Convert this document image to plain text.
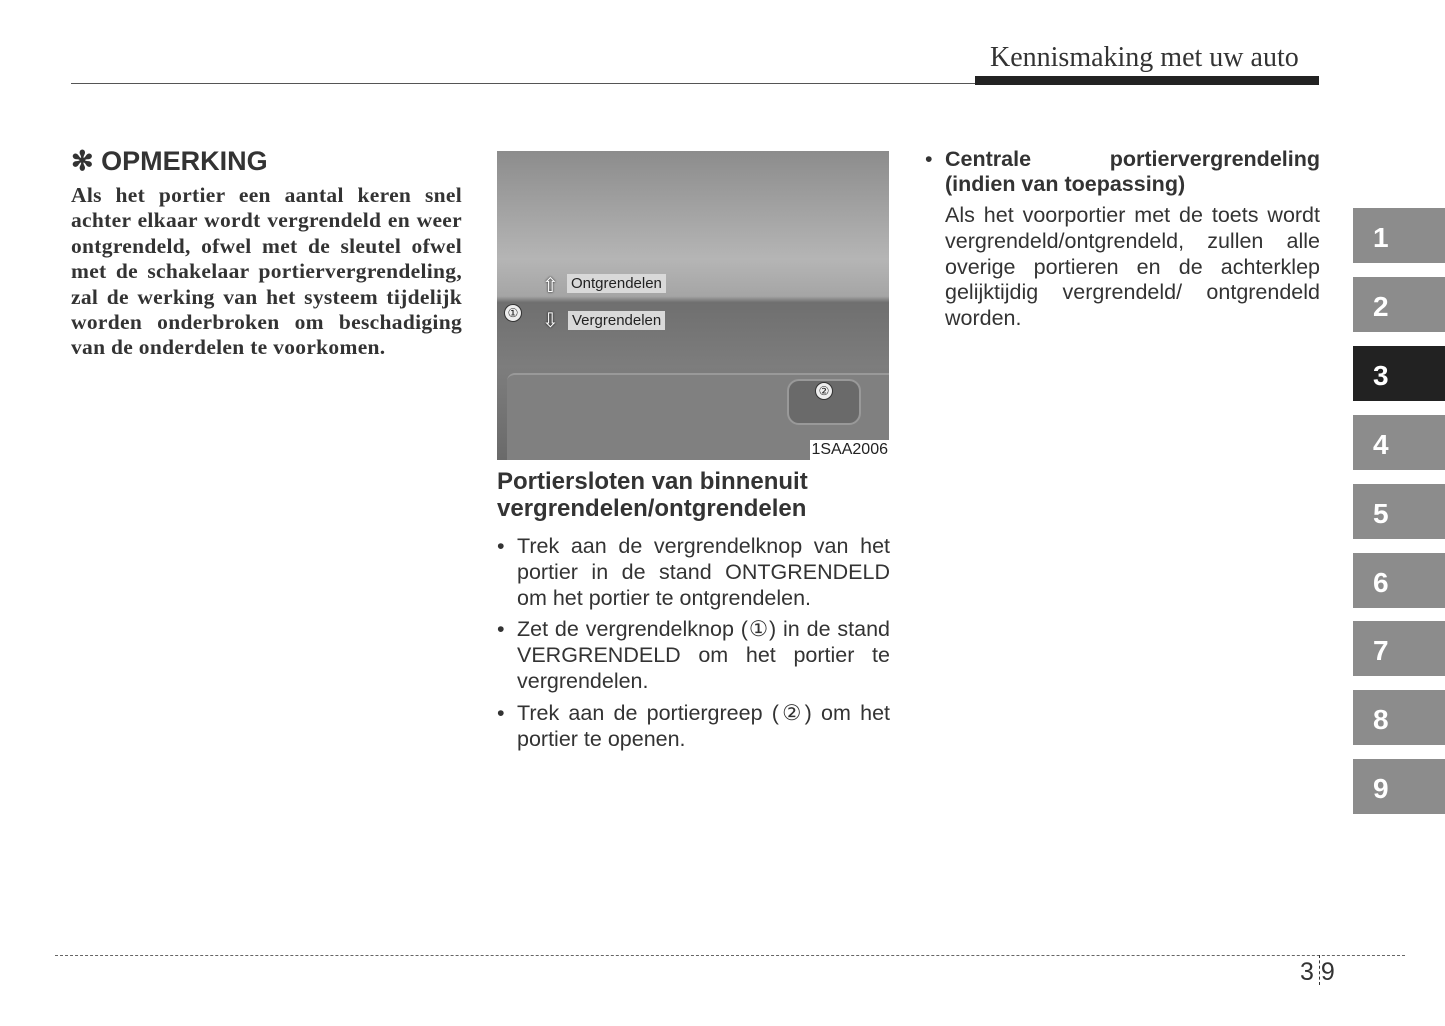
Kennismaking met uw auto
✻ OPMERKING
Als het portier een aantal keren snel achter elkaar wordt vergrendeld en weer ontgrendeld, ofwel met de sleutel ofwel met de schakelaar portiervergrendeling, zal de werking van het systeem tijdelijk worden onderbroken om beschadiging van de onderdelen te voorkomen.
⇧ Ontgrendelen
⇩ Vergrendelen
①
②
1SAA2006
Portiersloten van binnenuit vergrendelen/ontgrendelen
• Trek aan de vergrendelknop van het portier in de stand ONTGRENDELD om het portier te ontgrendelen.
• Zet de vergrendelknop (①) in de stand VERGRENDELD om het portier te vergrendelen.
• Trek aan de portiergreep (②) om het portier te openen.
• Centrale portiervergrendeling (indien van toepassing)
Als het voorportier met de toets wordt vergrendeld/ontgrendeld, zullen alle overige portieren en de achterklep gelijktijdig vergrendeld/ ontgrendeld worden.
1
2
3
4
5
6
7
8
9
3 9
